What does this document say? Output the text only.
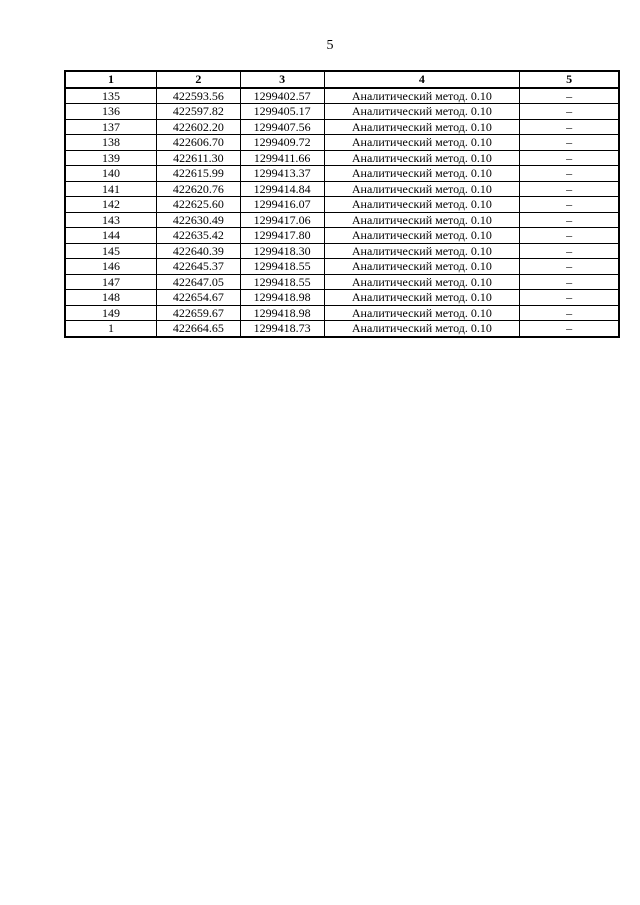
5
1	2	3	4	5
135	422593.56	1299402.57	Аналитический метод. 0.10	–
136	422597.82	1299405.17	Аналитический метод. 0.10	–
137	422602.20	1299407.56	Аналитический метод. 0.10	–
138	422606.70	1299409.72	Аналитический метод. 0.10	–
139	422611.30	1299411.66	Аналитический метод. 0.10	–
140	422615.99	1299413.37	Аналитический метод. 0.10	–
141	422620.76	1299414.84	Аналитический метод. 0.10	–
142	422625.60	1299416.07	Аналитический метод. 0.10	–
143	422630.49	1299417.06	Аналитический метод. 0.10	–
144	422635.42	1299417.80	Аналитический метод. 0.10	–
145	422640.39	1299418.30	Аналитический метод. 0.10	–
146	422645.37	1299418.55	Аналитический метод. 0.10	–
147	422647.05	1299418.55	Аналитический метод. 0.10	–
148	422654.67	1299418.98	Аналитический метод. 0.10	–
149	422659.67	1299418.98	Аналитический метод. 0.10	–
1	422664.65	1299418.73	Аналитический метод. 0.10	–
